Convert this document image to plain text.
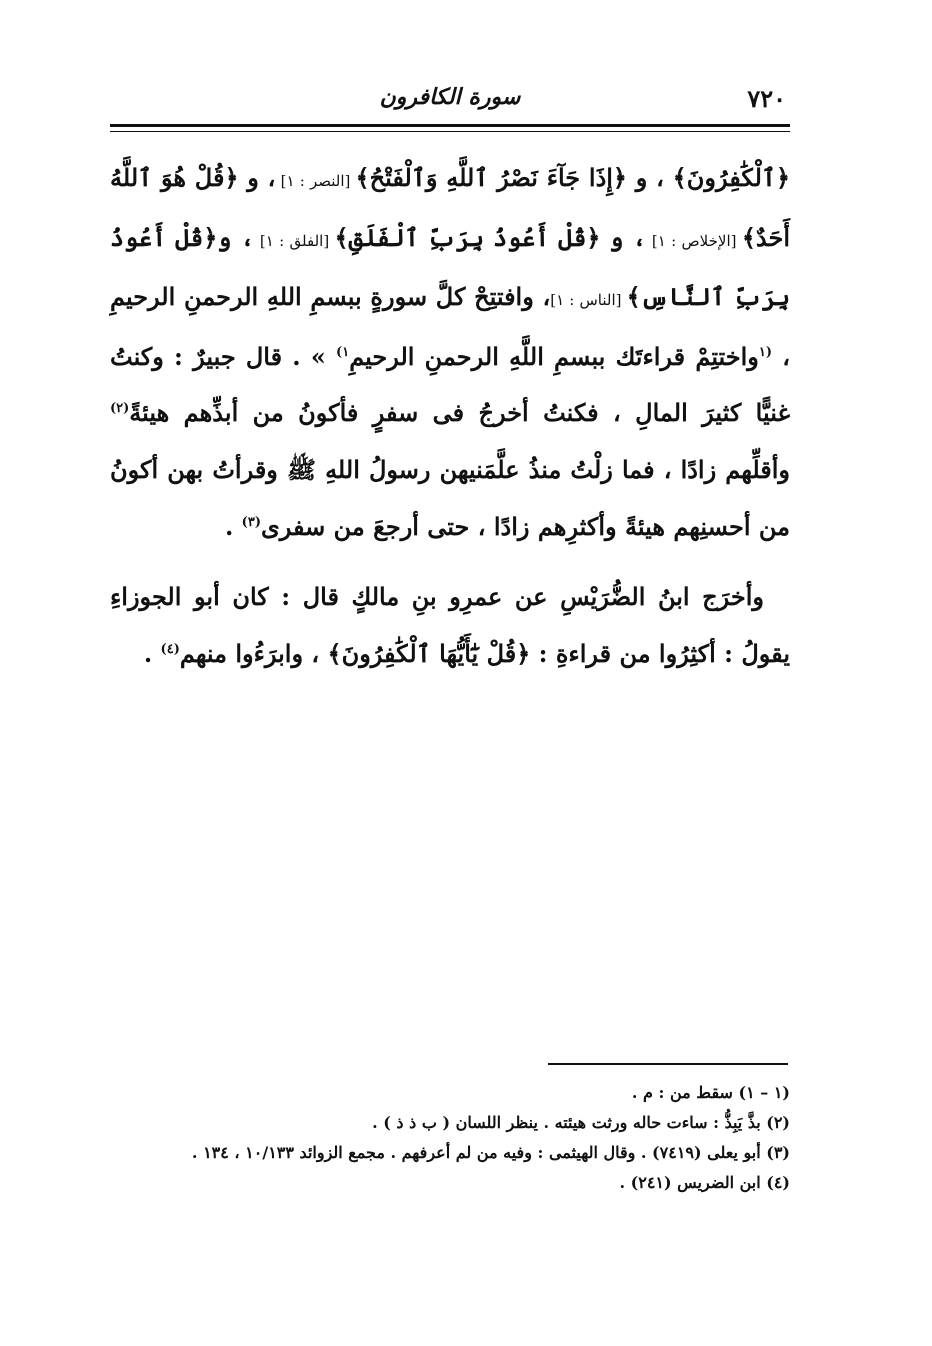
٧٢٠
سورة الكافرون

﴿ٱلْكَٰفِرُونَ﴾ ، و ﴿إِذَا جَآءَ نَصْرُ ٱللَّهِ وَٱلْفَتْحُ﴾ [النصر : ١] ، و ﴿قُلْ هُوَ ٱللَّهُ أَحَدٌ﴾ [الإخلاص : ١] ، و ﴿قُلْ أَعُوذُ بِرَبِّ ٱلْفَلَقِ﴾ [الفلق : ١] ، و﴿قُلْ أَعُوذُ بِرَبِّ ٱلنَّاسِ﴾ [الناس : ١]، وافتتِحْ كلَّ سورةٍ ببسمِ اللهِ الرحمنِ الرحيمِ ، $^{(١}$واختتِمْ قراءتَك ببسمِ اللَّهِ الرحمنِ الرحيمِ$^{١)}$ » . قال جبيرٌ : وكنتُ غنيًّا كثيرَ المالِ ، فكنتُ أخرجُ فى سفرٍ فأكونُ من أبذِّهم هيئةً$^{(٢)}$ وأقلِّهم زادًا ، فما زلْتُ منذُ علَّمَنيهن رسولُ اللهِ ﷺ وقرأتُ بهن أكونُ من أحسنِهم هيئةً وأكثرِهم زادًا ، حتى أرجعَ من سفرى$^{(٣)}$ .

وأخرَج ابنُ الضُّرَيْسِ عن عمرِو بنِ مالكٍ قال : كان أبو الجوزاءِ يقولُ : أكثِرُوا من قراءةِ : ﴿قُلْ يَٰٓأَيُّهَا ٱلْكَٰفِرُونَ﴾ ، وابرَءُوا منهم$^{(٤)}$ .

(١ – ١) سقط من : م .

(٢) بذَّ يَبِذُّ : ساءت حاله ورثت هيئته . ينظر اللسان ( ب ذ ذ ) .

(٣) أبو يعلى (٧٤١٩) . وقال الهيثمى : وفيه من لم أعرفهم . مجمع الزوائد ١٠/١٣٣ ، ١٣٤ .

(٤) ابن الضريس (٢٤١) .
